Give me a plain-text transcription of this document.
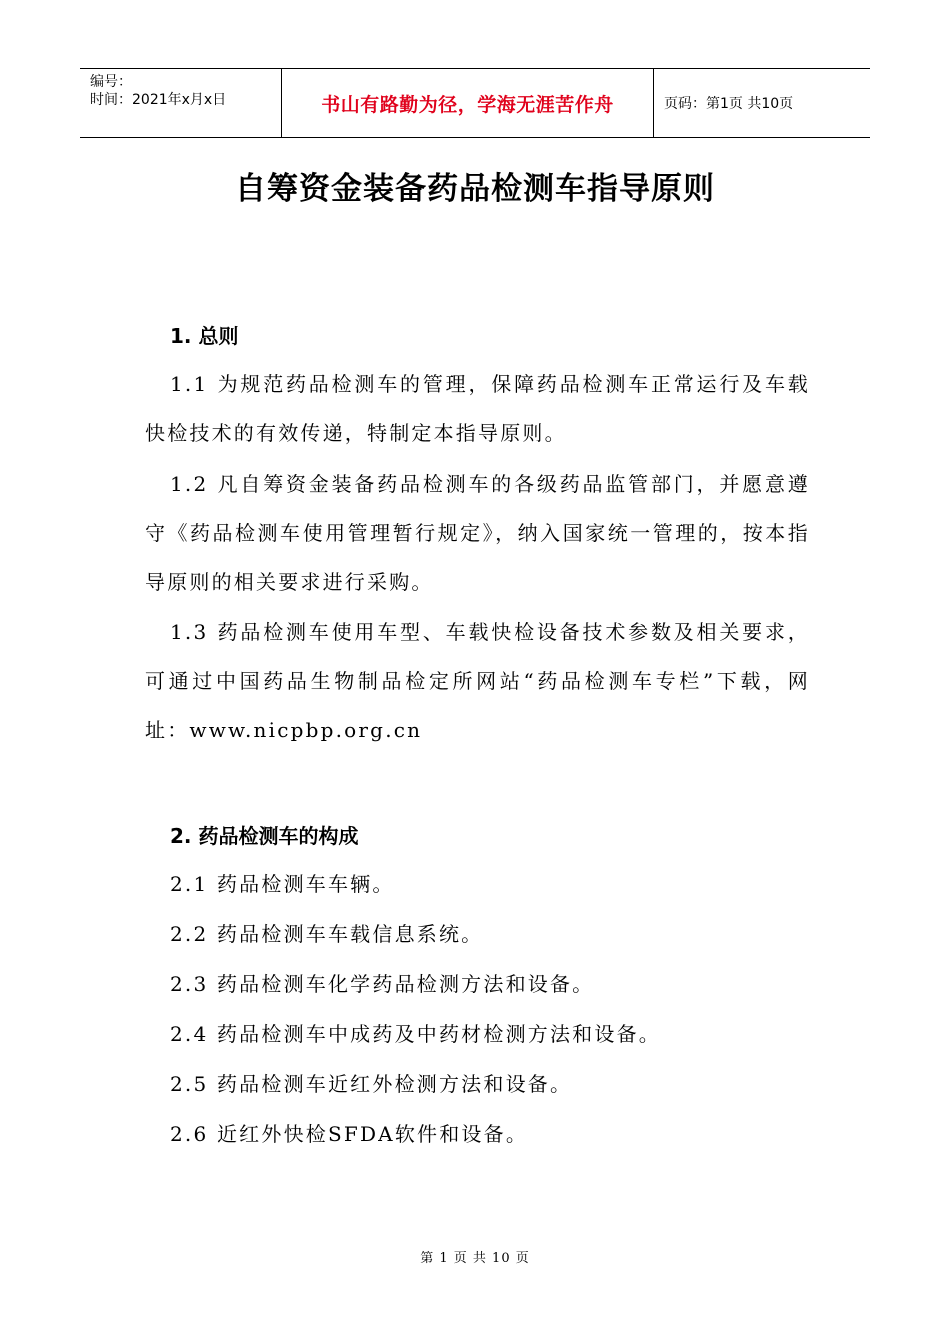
编号：
时间：2021年x月x日	书山有路勤为径，学海无涯苦作舟	页码：第1页 共10页
自筹资金装备药品检测车指导原则
1. 总则
1.1 为规范药品检测车的管理，保障药品检测车正常运行及车载快检技术的有效传递，特制定本指导原则。
1.2 凡自筹资金装备药品检测车的各级药品监管部门，并愿意遵守《药品检测车使用管理暂行规定》，纳入国家统一管理的，按本指导原则的相关要求进行采购。
1.3 药品检测车使用车型、车载快检设备技术参数及相关要求，可通过中国药品生物制品检定所网站“药品检测车专栏”下载，网址：www.nicpbp.org.cn
2. 药品检测车的构成
2.1 药品检测车车辆。
2.2 药品检测车车载信息系统。
2.3 药品检测车化学药品检测方法和设备。
2.4 药品检测车中成药及中药材检测方法和设备。
2.5 药品检测车近红外检测方法和设备。
2.6 近红外快检SFDA软件和设备。
第 1 页 共 10 页
